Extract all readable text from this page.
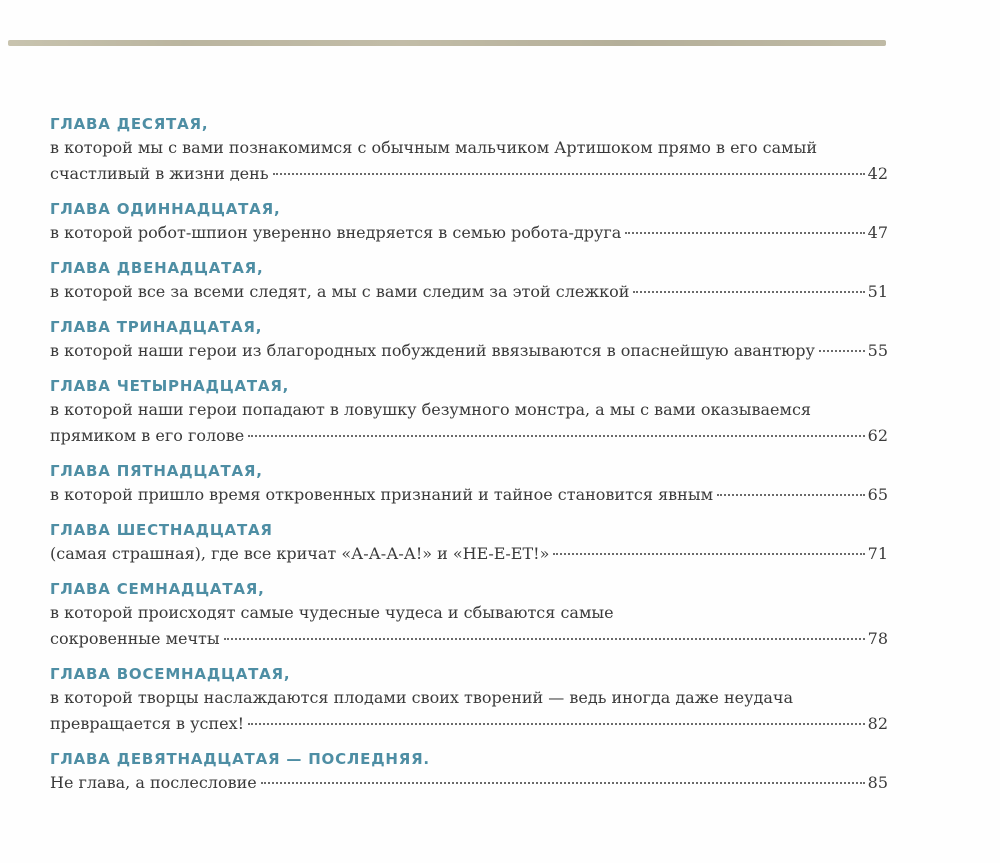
ГЛАВА ДЕСЯТАЯ,
в которой мы с вами познакомимся с обычным мальчиком Артишоком прямо в его самый
счастливый в жизни день	42
ГЛАВА ОДИННАДЦАТАЯ,
в которой робот-шпион уверенно внедряется в семью робота-друга	47
ГЛАВА ДВЕНАДЦАТАЯ,
в которой все за всеми следят, а мы с вами следим за этой слежкой	51
ГЛАВА ТРИНАДЦАТАЯ,
в которой наши герои из благородных побуждений ввязываются в опаснейшую авантюру	55
ГЛАВА ЧЕТЫРНАДЦАТАЯ,
в которой наши герои попадают в ловушку безумного монстра, а мы с вами оказываемся
прямиком в его голове	62
ГЛАВА ПЯТНАДЦАТАЯ,
в которой пришло время откровенных признаний и тайное становится явным	65
ГЛАВА ШЕСТНАДЦАТАЯ
(самая страшная), где все кричат «А-А-А-А!» и «НЕ-Е-ЕТ!»	71
ГЛАВА СЕМНАДЦАТАЯ,
в которой происходят самые чудесные чудеса и сбываются самые
сокровенные мечты	78
ГЛАВА ВОСЕМНАДЦАТАЯ,
в которой творцы наслаждаются плодами своих творений — ведь иногда даже неудача
превращается в успех!	82
ГЛАВА ДЕВЯТНАДЦАТАЯ — ПОСЛЕДНЯЯ.
Не глава, а послесловие	85
